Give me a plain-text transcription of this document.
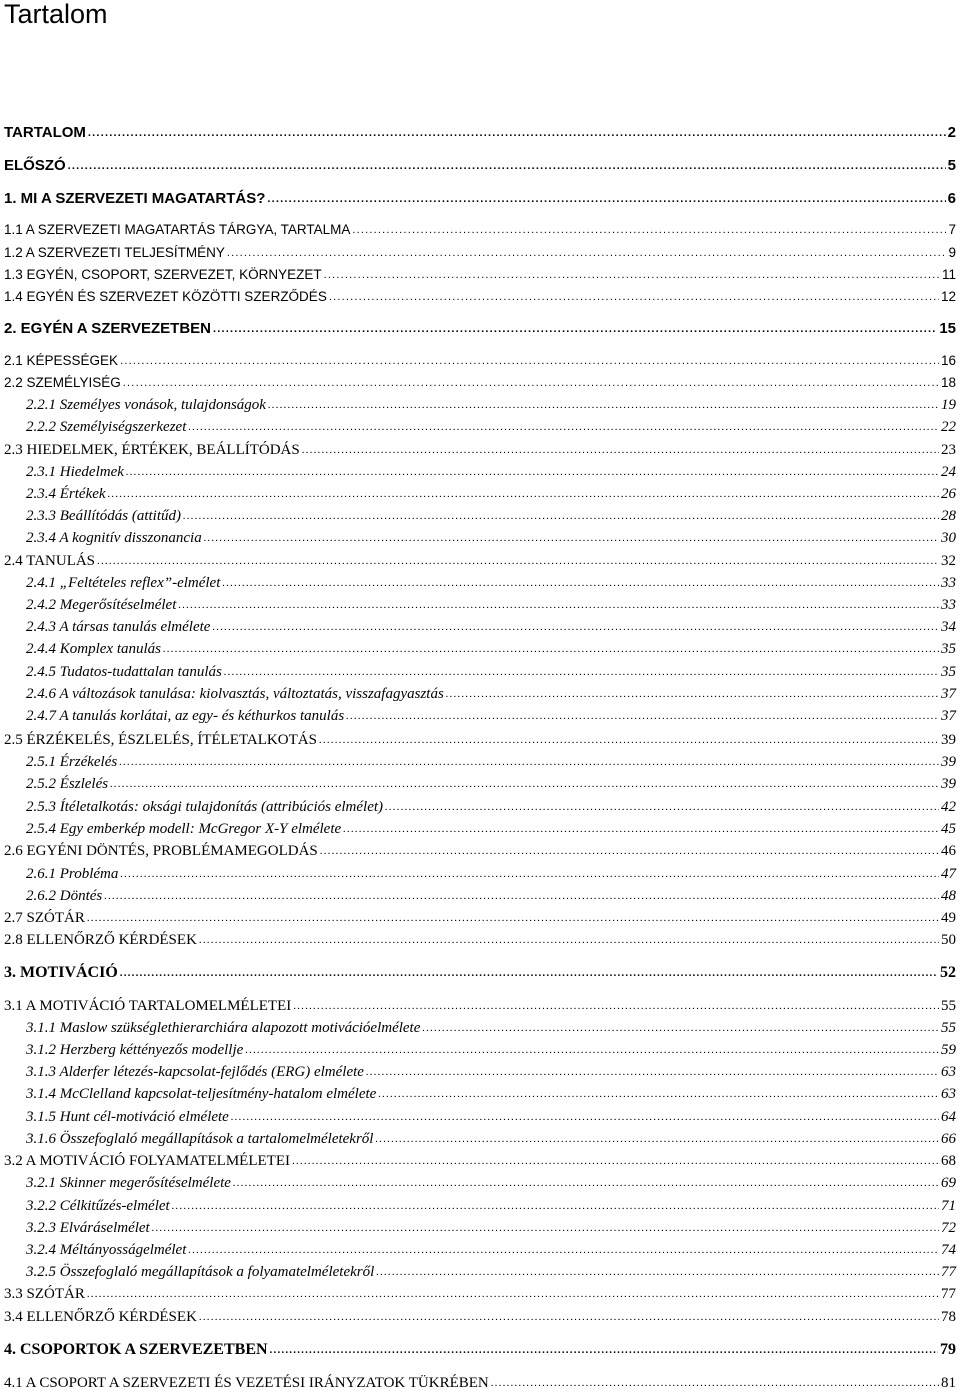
Tartalom
TARTALOM .....	2
ELŐSZÓ .....	5
1. MI A SZERVEZETI MAGATARTÁS? .....	6
1.1 A SZERVEZETI MAGATARTÁS TÁRGYA, TARTALMA .....	7
1.2 A SZERVEZETI TELJESÍTMÉNY .....	9
1.3 EGYÉN, CSOPORT, SZERVEZET, KÖRNYEZET .....	11
1.4 EGYÉN ÉS SZERVEZET KÖZÖTTI SZERZŐDÉS .....	12
2. EGYÉN A SZERVEZETBEN .....	15
2.1 KÉPESSÉGEK .....	16
2.2 SZEMÉLYISÉG .....	18
2.2.1 Személyes vonások, tulajdonságok .....	19
2.2.2 Személyiségszerkezet .....	22
2.3 HIEDELMEK, ÉRTÉKEK, BEÁLLÍTÓDÁS .....	23
2.3.1 Hiedelmek .....	24
2.3.4 Értékek .....	26
2.3.3 Beállítódás (attitűd) .....	28
2.3.4 A kognitív disszonancia .....	30
2.4 TANULÁS .....	32
2.4.1 „Feltételes reflex”-elmélet .....	33
2.4.2 Megerősítéselmélet .....	33
2.4.3 A társas tanulás elmélete .....	34
2.4.4 Komplex tanulás .....	35
2.4.5 Tudatos-tudattalan tanulás .....	35
2.4.6 A változások tanulása: kiolvasztás, változtatás, visszafagyasztás .....	37
2.4.7 A tanulás korlátai, az egy- és kéthurkos tanulás .....	37
2.5 ÉRZÉKELÉS, ÉSZLELÉS, ÍTÉLETALKOTÁS .....	39
2.5.1 Érzékelés .....	39
2.5.2 Észlelés .....	39
2.5.3 Ítéletalkotás: oksági tulajdonítás (attribúciós elmélet) .....	42
2.5.4 Egy emberkép modell: McGregor X-Y elmélete .....	45
2.6 EGYÉNI DÖNTÉS, PROBLÉMAMEGOLDÁS .....	46
2.6.1 Probléma .....	47
2.6.2 Döntés .....	48
2.7 SZÓTÁR .....	49
2.8 ELLENŐRZŐ KÉRDÉSEK .....	50
3. MOTIVÁCIÓ .....	52
3.1 A MOTIVÁCIÓ TARTALOMELMÉLETEI .....	55
3.1.1 Maslow szükséglethierarchiára alapozott motivációelmélete .....	55
3.1.2 Herzberg kéttényezős modellje .....	59
3.1.3 Alderfer létezés-kapcsolat-fejlődés (ERG) elmélete .....	63
3.1.4 McClelland kapcsolat-teljesítmény-hatalom elmélete .....	63
3.1.5 Hunt cél-motiváció elmélete .....	64
3.1.6 Összefoglaló megállapítások a tartalomelméletekről .....	66
3.2 A MOTIVÁCIÓ FOLYAMATELMÉLETEI .....	68
3.2.1 Skinner megerősítéselmélete .....	69
3.2.2 Célkitűzés-elmélet .....	71
3.2.3 Elváráselmélet .....	72
3.2.4 Méltányosságelmélet .....	74
3.2.5 Összefoglaló megállapítások a folyamatelméletekről .....	77
3.3 SZÓTÁR .....	77
3.4 ELLENŐRZŐ KÉRDÉSEK .....	78
4. CSOPORTOK A SZERVEZETBEN .....	79
4.1 A CSOPORT A SZERVEZETI ÉS VEZETÉSI IRÁNYZATOK TÜKRÉBEN .....	81
